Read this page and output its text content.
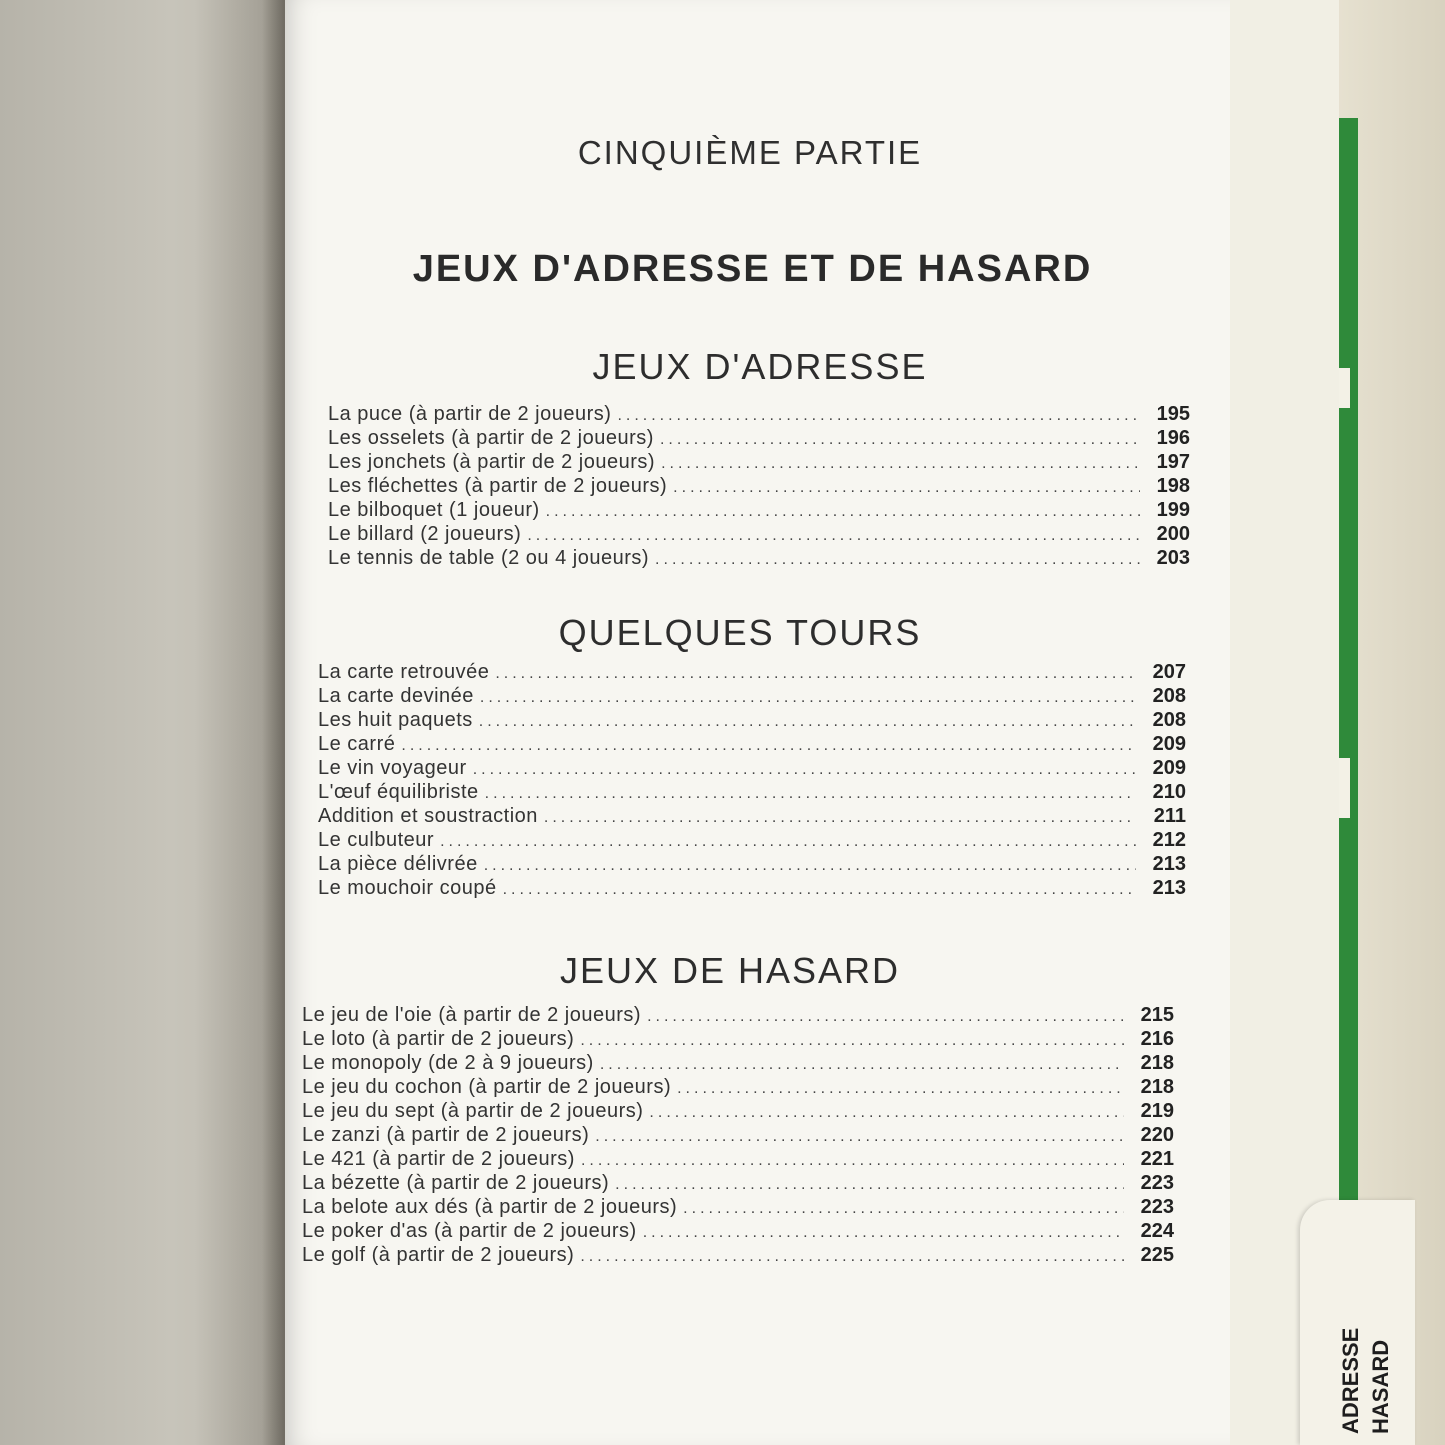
CINQUIÈME PARTIE
JEUX D'ADRESSE ET DE HASARD
JEUX D'ADRESSE
La puce (à partir de 2 joueurs) .....	195
Les osselets (à partir de 2 joueurs) .....	196
Les jonchets (à partir de 2 joueurs) .....	197
Les fléchettes (à partir de 2 joueurs) .....	198
Le bilboquet (1 joueur) .....	199
Le billard (2 joueurs) .....	200
Le tennis de table (2 ou 4 joueurs) .....	203
QUELQUES TOURS
La carte retrouvée .....	207
La carte devinée .....	208
Les huit paquets .....	208
Le carré .....	209
Le vin voyageur .....	209
L'œuf équilibriste .....	210
Addition et soustraction .....	211
Le culbuteur .....	212
La pièce délivrée .....	213
Le mouchoir coupé .....	213
JEUX DE HASARD
Le jeu de l'oie (à partir de 2 joueurs) .....	215
Le loto (à partir de 2 joueurs) .....	216
Le monopoly (de 2 à 9 joueurs) .....	218
Le jeu du cochon (à partir de 2 joueurs) .....	218
Le jeu du sept (à partir de 2 joueurs) .....	219
Le zanzi (à partir de 2 joueurs) .....	220
Le 421 (à partir de 2 joueurs) .....	221
La bézette (à partir de 2 joueurs) .....	223
La belote aux dés (à partir de 2 joueurs) .....	223
Le poker d'as (à partir de 2 joueurs) .....	224
Le golf (à partir de 2 joueurs) .....	225
ADRESSE HASARD
